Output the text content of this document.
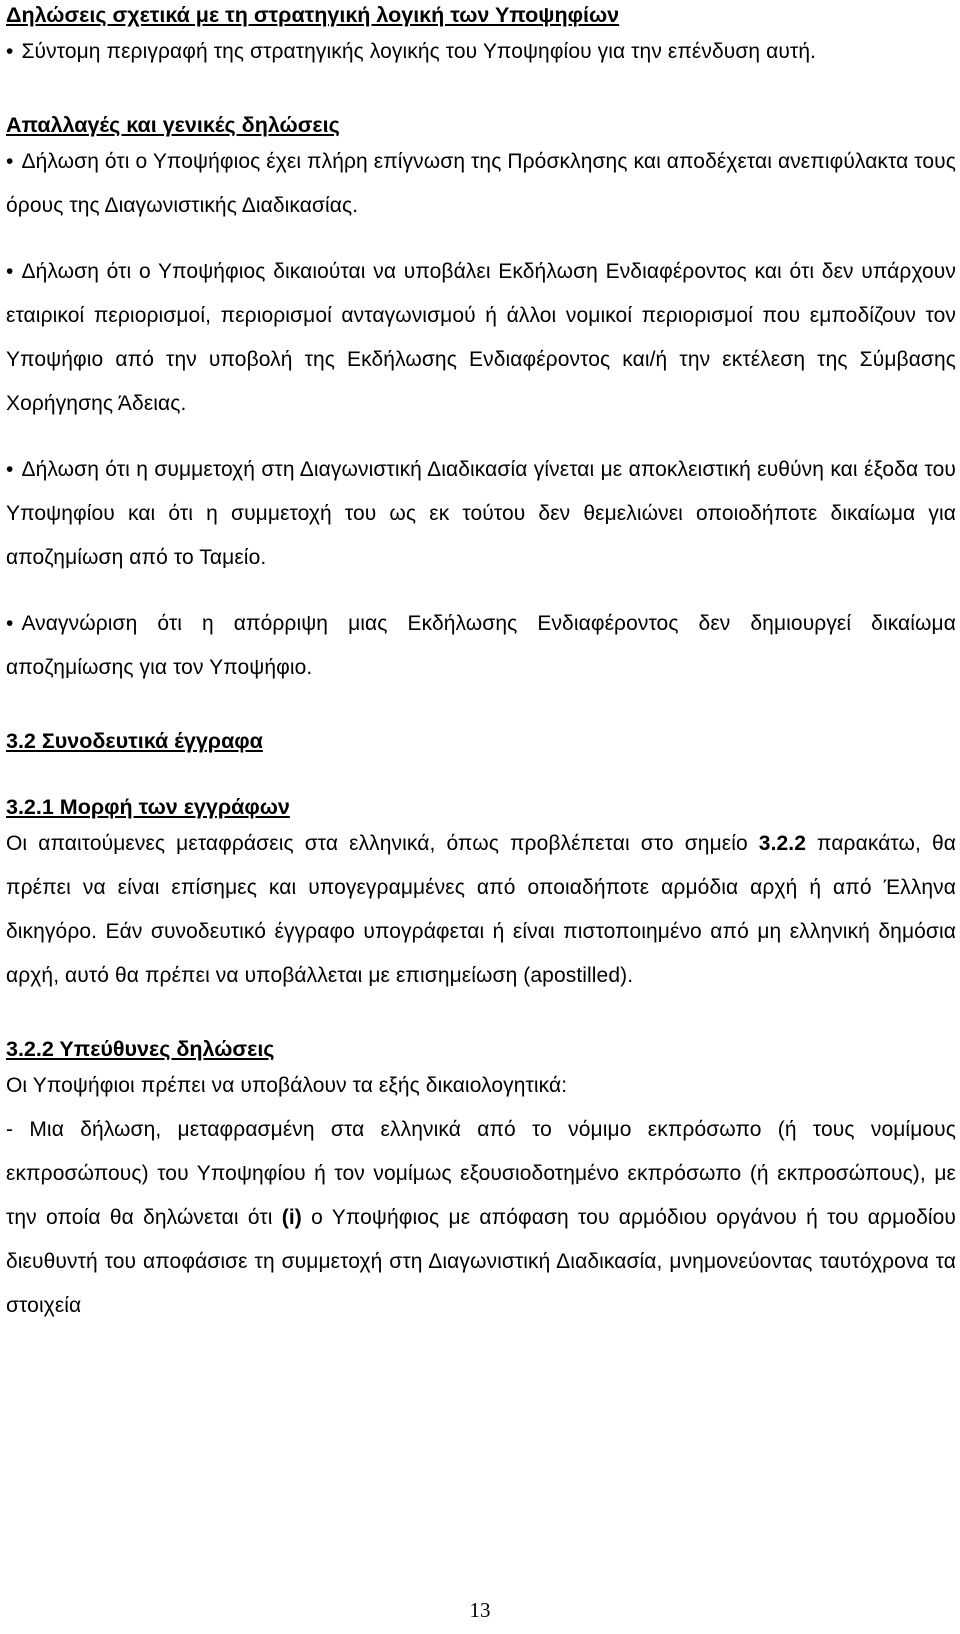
Δηλώσεις σχετικά με τη στρατηγική λογική των Υποψηφίων

• Σύντομη περιγραφή της στρατηγικής λογικής του Υποψηφίου για την επένδυση αυτή.

Απαλλαγές και γενικές δηλώσεις

• Δήλωση ότι ο Υποψήφιος έχει πλήρη επίγνωση της Πρόσκλησης και αποδέχεται ανεπιφύλακτα τους όρους της Διαγωνιστικής Διαδικασίας.

• Δήλωση ότι ο Υποψήφιος δικαιούται να υποβάλει Εκδήλωση Ενδιαφέροντος και ότι δεν υπάρχουν εταιρικοί περιορισμοί, περιορισμοί ανταγωνισμού ή άλλοι νομικοί περιορισμοί που εμποδίζουν τον Υποψήφιο από την υποβολή της Εκδήλωσης Ενδιαφέροντος και/ή την εκτέλεση της Σύμβασης Χορήγησης Άδειας.

• Δήλωση ότι η συμμετοχή στη Διαγωνιστική Διαδικασία γίνεται με αποκλειστική ευθύνη και έξοδα του Υποψηφίου και ότι η συμμετοχή του ως εκ τούτου δεν θεμελιώνει οποιοδήποτε δικαίωμα για αποζημίωση από το Ταμείο.

• Αναγνώριση ότι η απόρριψη μιας Εκδήλωσης Ενδιαφέροντος δεν δημιουργεί δικαίωμα αποζημίωσης για τον Υποψήφιο.

3.2 Συνοδευτικά έγγραφα

3.2.1 Μορφή των εγγράφων

Οι απαιτούμενες μεταφράσεις στα ελληνικά, όπως προβλέπεται στο σημείο 3.2.2 παρακάτω, θα πρέπει να είναι επίσημες και υπογεγραμμένες από οποιαδήποτε αρμόδια αρχή ή από Έλληνα δικηγόρο. Εάν συνοδευτικό έγγραφο υπογράφεται ή είναι πιστοποιημένο από μη ελληνική δημόσια αρχή, αυτό θα πρέπει να υποβάλλεται με επισημείωση (apostilled).

3.2.2 Υπεύθυνες δηλώσεις

Οι Υποψήφιοι πρέπει να υποβάλουν τα εξής δικαιολογητικά:

- Μια δήλωση, μεταφρασμένη στα ελληνικά από το νόμιμο εκπρόσωπο (ή τους νομίμους εκπροσώπους) του Υποψηφίου ή τον νομίμως εξουσιοδοτημένο εκπρόσωπο (ή εκπροσώπους), με την οποία θα δηλώνεται ότι (i) ο Υποψήφιος με απόφαση του αρμόδιου οργάνου ή του αρμοδίου διευθυντή του αποφάσισε τη συμμετοχή στη Διαγωνιστική Διαδικασία, μνημονεύοντας ταυτόχρονα τα στοιχεία

13
